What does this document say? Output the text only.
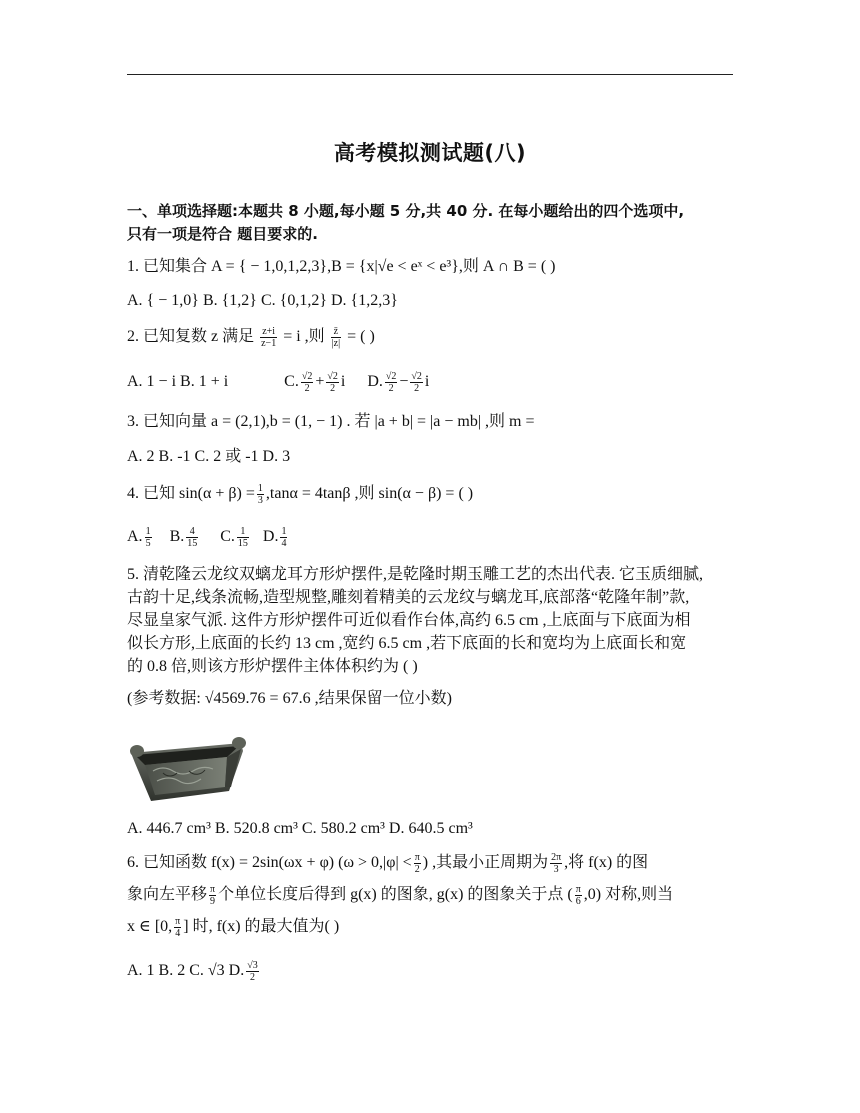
高考模拟测试题(八)
一、单项选择题:本题共 8 小题,每小题 5 分,共 40 分. 在每小题给出的四个选项中,
只有一项是符合 题目要求的.
1. 已知集合 A = { − 1,0,1,2,3},B = {x|√e < eˣ < e³},则 A ∩ B = ( )
A. { − 1,0} B. {1,2} C. {0,1,2} D. {1,2,3}
2. 已知复数 z 满足 $\frac{z+i}{z-1} = i$ ,则 $\frac{z̄}{|z|}$ = ( )
A. 1 − i B. 1 + i	C. $\frac{√2}{2} + \frac{√2}{2}$ i D. $\frac{√2}{2} - \frac{√2}{2}$ i
3. 已知向量 a = (2,1),b = (1, − 1) . 若 |a + b| = |a − mb| ,则 m =
A. 2 B. -1 C. 2 或 -1 D. 3
4. 已知 $\sin(\alpha + \beta) = \frac{1}{3} ,\tan\alpha = 4\tan\beta$ ,则 sin(α − β) = ( )
A. $\frac{1}{5} B$. $\frac{4}{15} C$. $\frac{1}{15} D$. $\frac{1}{4}$
5. 清乾隆云龙纹双螭龙耳方形炉摆件,是乾隆时期玉雕工艺的杰出代表. 它玉质细腻,
古韵十足,线条流畅,造型规整,雕刻着精美的云龙纹与螭龙耳,底部落“乾隆年制”款,
尽显皇家气派. 这件方形炉摆件可近似看作台体,高约 6.5 cm ,上底面与下底面为相
似长方形,上底面的长约 13 cm ,宽约 6.5 cm ,若下底面的长和宽均为上底面长和宽
的 0.8 倍,则该方形炉摆件主体体积约为 ( )
(参考数据: √4569.76 = 67.6 ,结果保留一位小数)
A. 446.7 cm³ B. 520.8 cm³ C. 580.2 cm³ D. 640.5 cm³
6. 已知函数 f(x) = 2sin(ωx + φ) ($\omega > 0,|\varphi| < \frac{\pi}{2}$ ) ,其最小正周期为 $\frac{2\pi}{3}$ ,将 f(x) 的图
象向左平移 $\frac{\pi}{9}$ 个单位长度后得到 g(x) 的图象, g(x) 的图象关于点 ( $\frac{\pi}{6} ,0$) 对称,则当
x ∈ [0, $\frac{\pi}{4}$ ] 时, f(x) 的最大值为( )
A. 1 B. 2 C. √3 D. $\frac{√3}{2}$
